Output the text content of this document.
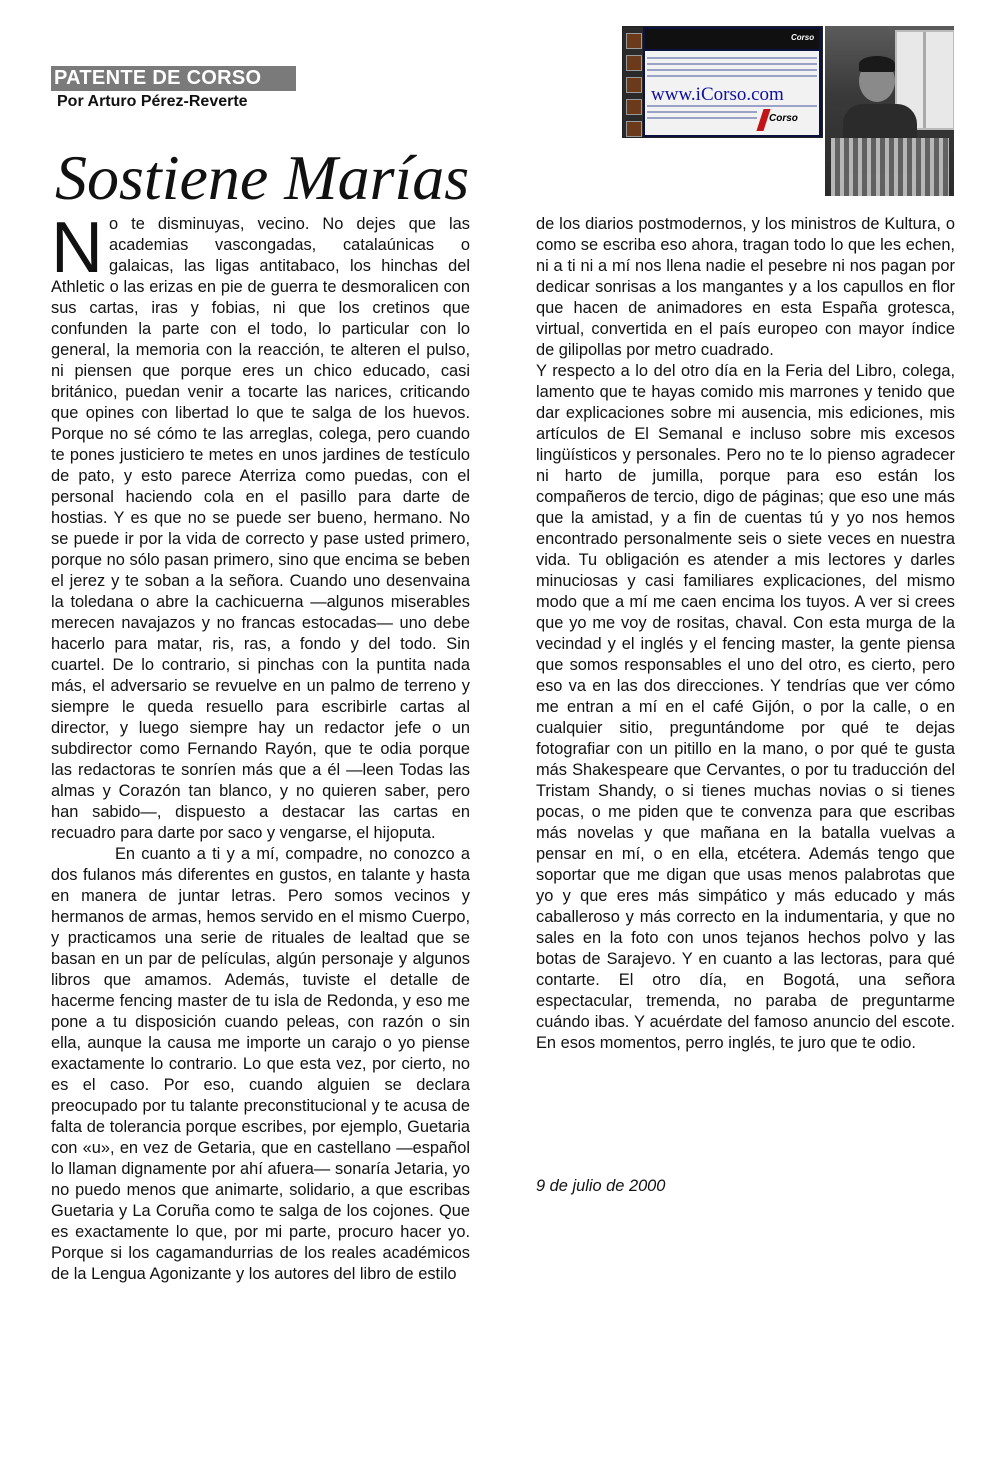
PATENTE DE CORSO
Por Arturo Pérez-Reverte	www.iCorso.com
Corso
Corso
Sostiene Marías

No te disminuyas, vecino. No dejes que las academias vascongadas, catalaúnicas o galaicas, las ligas antitabaco, los hinchas del Athletic o las erizas en pie de guerra te desmoralicen con sus cartas, iras y fobias, ni que los cretinos que confunden la parte con el todo, lo particular con lo general, la memoria con la reacción, te alteren el pulso, ni piensen que porque eres un chico educado, casi británico, puedan venir a tocarte las narices, criticando que opines con libertad lo que te salga de los huevos. Porque no sé cómo te las arreglas, colega, pero cuando te pones justiciero te metes en unos jardines de testículo de pato, y esto parece Aterriza como puedas, con el personal haciendo cola en el pasillo para darte de hostias. Y es que no se puede ser bueno, hermano. No se puede ir por la vida de correcto y pase usted primero, porque no sólo pasan primero, sino que encima se beben el jerez y te soban a la señora. Cuando uno desenvaina la toledana o abre la cachicuerna —algunos miserables merecen navajazos y no francas estocadas— uno debe hacerlo para matar, ris, ras, a fondo y del todo. Sin cuartel. De lo contrario, si pinchas con la puntita nada más, el adversario se revuelve en un palmo de terreno y siempre le queda resuello para escribirle cartas al director, y luego siempre hay un redactor jefe o un subdirector como Fernando Rayón, que te odia porque las redactoras te sonríen más que a él —leen Todas las almas y Corazón tan blanco, y no quieren saber, pero han sabido—, dispuesto a destacar las cartas en recuadro para darte por saco y vengarse, el hijoputa.

En cuanto a ti y a mí, compadre, no conozco a dos fulanos más diferentes en gustos, en talante y hasta en manera de juntar letras. Pero somos vecinos y hermanos de armas, hemos servido en el mismo Cuerpo, y practicamos una serie de rituales de lealtad que se basan en un par de películas, algún personaje y algunos libros que amamos. Además, tuviste el detalle de hacerme fencing master de tu isla de Redonda, y eso me pone a tu disposición cuando peleas, con razón o sin ella, aunque la causa me importe un carajo o yo piense exactamente lo contrario. Lo que esta vez, por cierto, no es el caso. Por eso, cuando alguien se declara preocupado por tu talante preconstitucional y te acusa de falta de tolerancia porque escribes, por ejemplo, Guetaria con «u», en vez de Getaria, que en castellano —español lo llaman dignamente por ahí afuera— sonaría Jetaria, yo no puedo menos que animarte, solidario, a que escribas Guetaria y La Coruña como te salga de los cojones. Que es exactamente lo que, por mi parte, procuro hacer yo. Porque si los cagamandurrias de los reales académicos de la Lengua Agonizante y los autores del libro de estilo

de los diarios postmodernos, y los ministros de Kultura, o como se escriba eso ahora, tragan todo lo que les echen, ni a ti ni a mí nos llena nadie el pesebre ni nos pagan por dedicar sonrisas a los mangantes y a los capullos en flor que hacen de animadores en esta España grotesca, virtual, convertida en el país europeo con mayor índice de gilipollas por metro cuadrado.

Y respecto a lo del otro día en la Feria del Libro, colega, lamento que te hayas comido mis marrones y tenido que dar explicaciones sobre mi ausencia, mis ediciones, mis artículos de El Semanal e incluso sobre mis excesos lingüísticos y personales. Pero no te lo pienso agradecer ni harto de jumilla, porque para eso están los compañeros de tercio, digo de páginas; que eso une más que la amistad, y a fin de cuentas tú y yo nos hemos encontrado personalmente seis o siete veces en nuestra vida. Tu obligación es atender a mis lectores y darles minuciosas y casi familiares explicaciones, del mismo modo que a mí me caen encima los tuyos. A ver si crees que yo me voy de rositas, chaval. Con esta murga de la vecindad y el inglés y el fencing master, la gente piensa que somos responsables el uno del otro, es cierto, pero eso va en las dos direcciones. Y tendrías que ver cómo me entran a mí en el café Gijón, o por la calle, o en cualquier sitio, preguntándome por qué te dejas fotografiar con un pitillo en la mano, o por qué te gusta más Shakespeare que Cervantes, o por tu traducción del Tristam Shandy, o si tienes muchas novias o si tienes pocas, o me piden que te convenza para que escribas más novelas y que mañana en la batalla vuelvas a pensar en mí, o en ella, etcétera. Además tengo que soportar que me digan que usas menos palabrotas que yo y que eres más simpático y más educado y más caballeroso y más correcto en la indumentaria, y que no sales en la foto con unos tejanos hechos polvo y las botas de Sarajevo. Y en cuanto a las lectoras, para qué contarte. El otro día, en Bogotá, una señora espectacular, tremenda, no paraba de preguntarme cuándo ibas. Y acuérdate del famoso anuncio del escote. En esos momentos, perro inglés, te juro que te odio.

9 de julio de 2000
